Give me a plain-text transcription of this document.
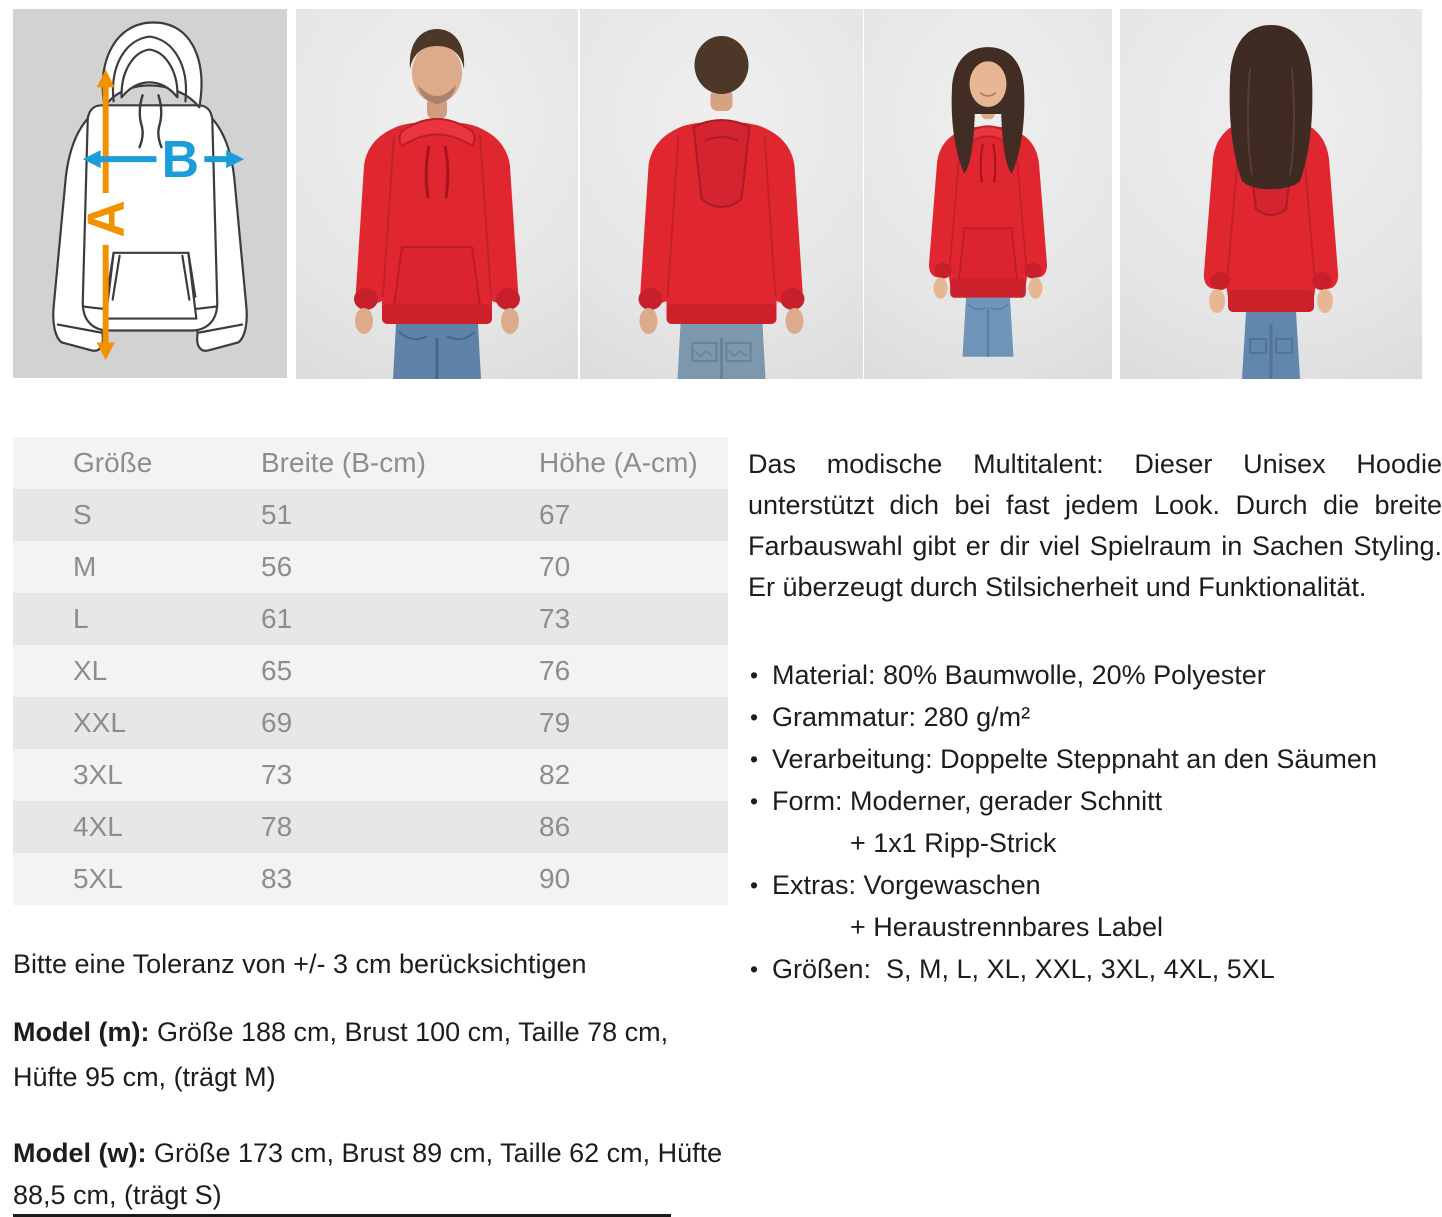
A
B
Größe	Breite (B-cm)	Höhe (A-cm)
S	51	67
M	56	70
L	61	73
XL	65	76
XXL	69	79
3XL	73	82
4XL	78	86
5XL	83	90

Bitte eine Toleranz von +/- 3 cm berücksichtigen

Model (m): Größe 188 cm, Brust 100 cm, Taille 78 cm, Hüfte 95 cm, (trägt M)

Model (w): Größe 173 cm, Brust 89 cm, Taille 62 cm, Hüfte 88,5 cm, (trägt S)

Das modische Multitalent: Dieser Unisex Hoodie unterstützt dich bei fast jedem Look. Durch die breite Farbauswahl gibt er dir viel Spielraum in Sachen Styling. Er überzeugt durch Stilsicherheit und Funktionalität.

• Material: 80% Baumwolle, 20% Polyester
• Grammatur: 280 g/m²
• Verarbeitung: Doppelte Steppnaht an den Säumen
• Form: Moderner, gerader Schnitt
+ 1x1 Ripp-Strick
• Extras: Vorgewaschen
+ Heraustrennbares Label
• Größen:  S, M, L, XL, XXL, 3XL, 4XL, 5XL
